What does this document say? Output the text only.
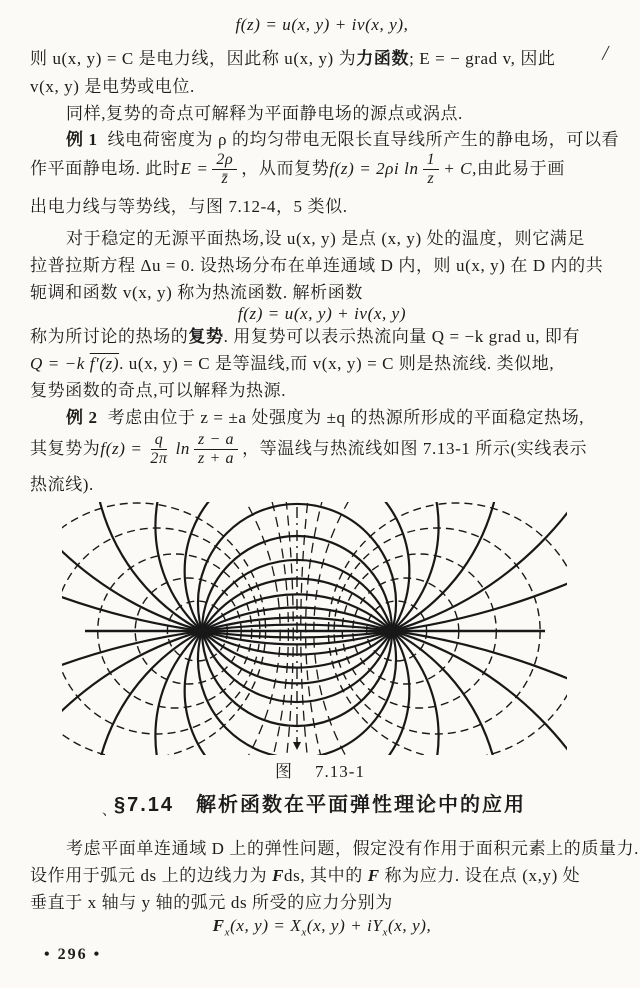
f(z) = u(x, y) + iv(x, y),
则 u(x, y) = C 是电力线，因此称 u(x, y) 为力函数; E = − grad v, 因此	╱
v(x, y) 是电势或电位.
同样,复势的奇点可解释为平面静电场的源点或涡点.
例 1 线电荷密度为 ρ 的均匀带电无限长直导线所产生的静电场，可以看
作平面静电场. 此时 $E = \frac{2\rho}{z̄}$ ，从而复势 f(z) = 2ρi $\ln \frac{1}{z} + C$, 由此易于画
出电力线与等势线，与图 7.12-4，5 类似.
对于稳定的无源平面热场,设 u(x, y) 是点 (x, y) 处的温度，则它满足
拉普拉斯方程 Δu = 0. 设热场分布在单连通域 D 内，则 u(x, y) 在 D 内的共
轭调和函数 v(x, y) 称为热流函数. 解析函数
f(z) = u(x, y) + iv(x, y)
称为所讨论的热场的复势. 用复势可以表示热流向量 Q = −k grad u, 即有
Q = −k f′(z). u(x, y) = C 是等温线,而 v(x, y) = C 则是热流线. 类似地,
复势函数的奇点,可以解释为热源.
例 2 考虑由位于 z = ±a 处强度为 ±q 的热源所形成的平面稳定热场,
其复势为 $f(z) = \frac{q}{2\pi}$ $\ln \frac{z - a}{z + a}$ ，等温线与热流线如图 7.13-1 所示(实线表示
热流线).
图 7.13-1
、
§7.14　解析函数在平面弹性理论中的应用
考虑平面单连通域 D 上的弹性问题，假定没有作用于面积元素上的质量力.
设作用于弧元 ds 上的边线力为 Fds, 其中的 F 称为应力. 设在点 (x,y) 处
垂直于 x 轴与 y 轴的弧元 ds 所受的应力分别为
$F_x(x$, $y) = X_x(x$, $y) + iY_x(x$, y),
• 296 •
